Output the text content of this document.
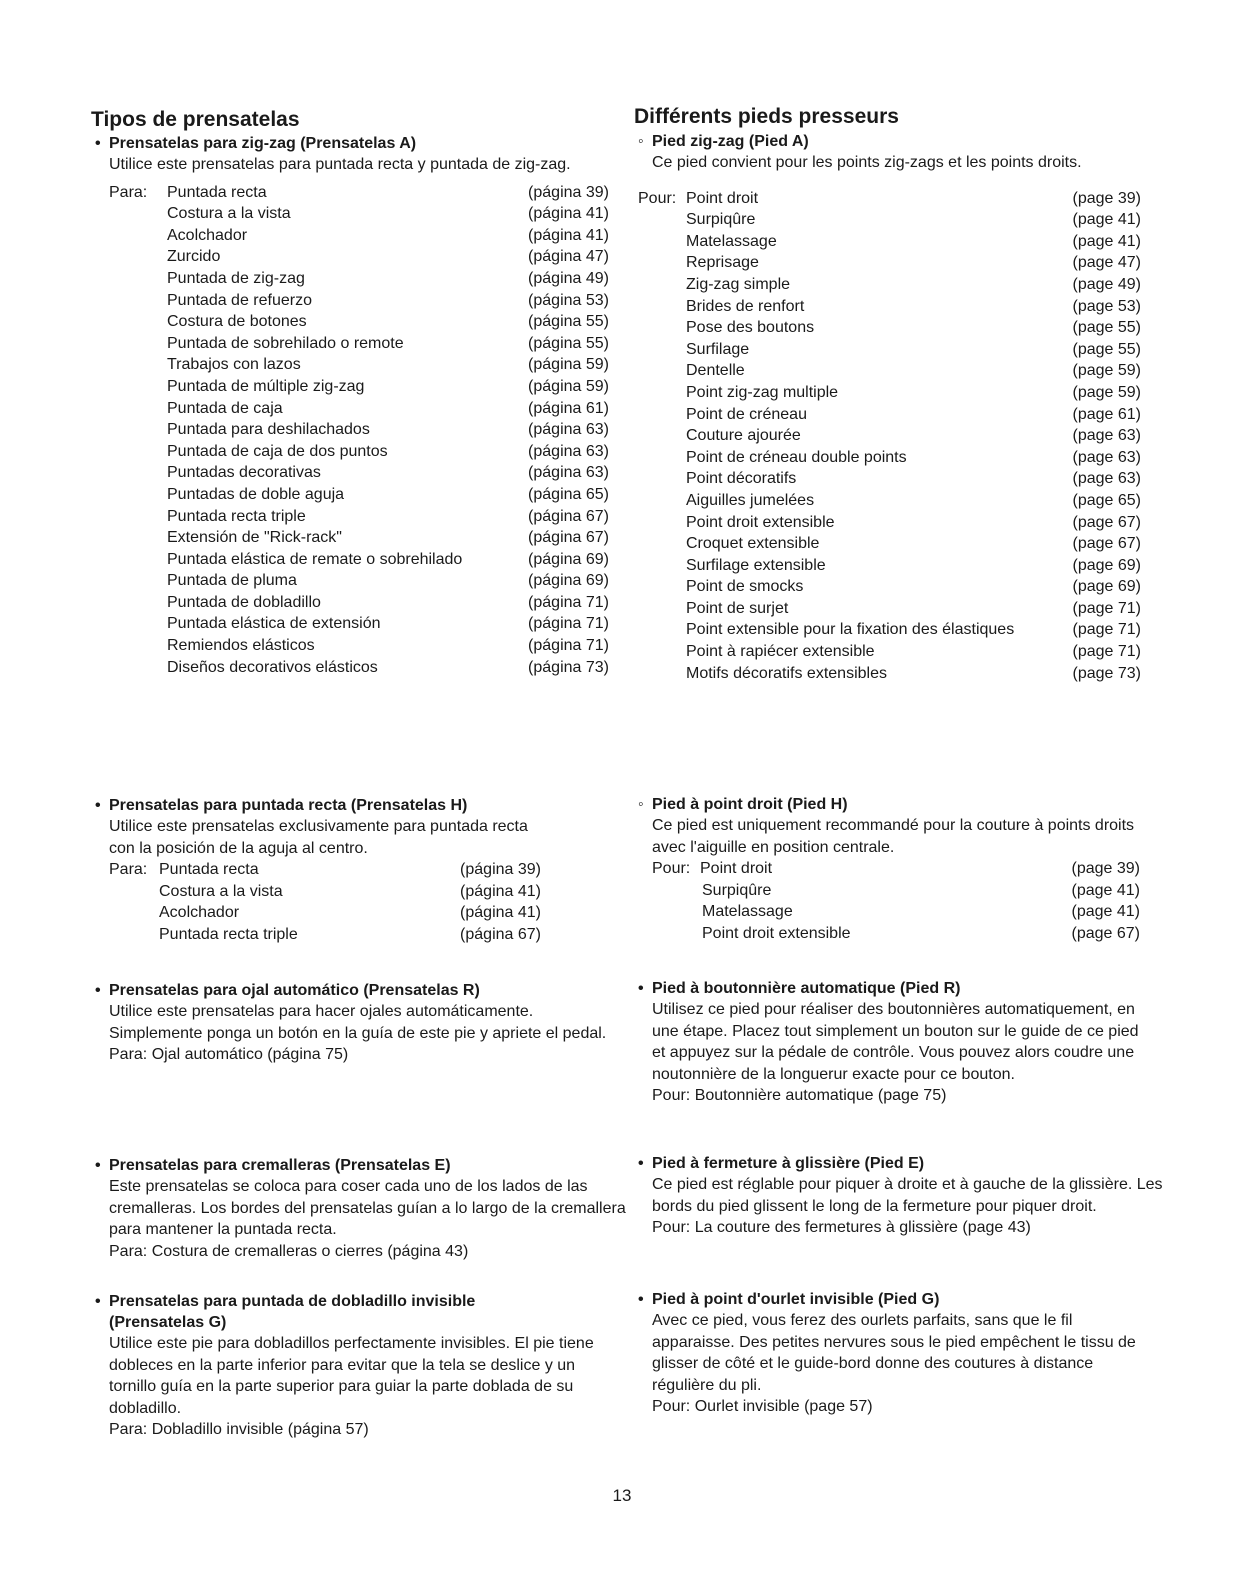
Tipos de prensatelas
• Prensatelas para zig-zag (Prensatelas A)
Utilice este prensatelas para puntada recta y puntada de zig-zag.
Para:	Puntada recta	(página 39)
Costura a la vista	(página 41)
Acolchador	(página 41)
Zurcido	(página 47)
Puntada de zig-zag	(página 49)
Puntada de refuerzo	(página 53)
Costura de botones	(página 55)
Puntada de sobrehilado o remote	(página 55)
Trabajos con lazos	(página 59)
Puntada de múltiple zig-zag	(página 59)
Puntada de caja	(página 61)
Puntada para deshilachados	(página 63)
Puntada de caja de dos puntos	(página 63)
Puntadas decorativas	(página 63)
Puntadas de doble aguja	(página 65)
Puntada recta triple	(página 67)
Extensión de "Rick-rack"	(página 67)
Puntada elástica de remate o sobrehilado	(página 69)
Puntada de pluma	(página 69)
Puntada de dobladillo	(página 71)
Puntada elástica de extensión	(página 71)
Remiendos elásticos	(página 71)
Diseños decorativos elásticos	(página 73)
• Prensatelas para puntada recta (Prensatelas H)
Utilice este prensatelas exclusivamente para puntada recta con la posición de la aguja al centro.
Para: Puntada recta	(página 39)
Costura a la vista	(página 41)
Acolchador	(página 41)
Puntada recta triple	(página 67)
• Prensatelas para ojal automático (Prensatelas R)
Utilice este prensatelas para hacer ojales automáticamente. Simplemente ponga un botón en la guía de este pie y apriete el pedal.
Para: Ojal automático (página 75)
• Prensatelas para cremalleras (Prensatelas E)
Este prensatelas se coloca para coser cada uno de los lados de las cremalleras. Los bordes del prensatelas guían a lo largo de la cremallera para mantener la puntada recta.
Para: Costura de cremalleras o cierres (página 43)
• Prensatelas para puntada de dobladillo invisible (Prensatelas G)
Utilice este pie para dobladillos perfectamente invisibles. El pie tiene dobleces en la parte inferior para evitar que la tela se deslice y un tornillo guía en la parte superior para guiar la parte doblada de su dobladillo.
Para: Dobladillo invisible (página 57)
Différents pieds presseurs
◦ Pied zig-zag (Pied A)
Ce pied convient pour les points zig-zags et les points droits.
Pour: Point droit	(page 39)
Surpiqûre	(page 41)
Matelassage	(page 41)
Reprisage	(page 47)
Zig-zag simple	(page 49)
Brides de renfort	(page 53)
Pose des boutons	(page 55)
Surfilage	(page 55)
Dentelle	(page 59)
Point zig-zag multiple	(page 59)
Point de créneau	(page 61)
Couture ajourée	(page 63)
Point de créneau double points	(page 63)
Point décoratifs	(page 63)
Aiguilles jumelées	(page 65)
Point droit extensible	(page 67)
Croquet extensible	(page 67)
Surfilage extensible	(page 69)
Point de smocks	(page 69)
Point de surjet	(page 71)
Point extensible pour la fixation des élastiques	(page 71)
Point à rapiécer extensible	(page 71)
Motifs décoratifs extensibles	(page 73)
◦ Pied à point droit (Pied H)
Ce pied est uniquement recommandé pour la couture à points droits avec l'aiguille en position centrale.
Pour: Point droit	(page 39)
Surpiqûre	(page 41)
Matelassage	(page 41)
Point droit extensible	(page 67)
• Pied à boutonnière automatique (Pied R)
Utilisez ce pied pour réaliser des boutonnières automatiquement, en une étape. Placez tout simplement un bouton sur le guide de ce pied et appuyez sur la pédale de contrôle. Vous pouvez alors coudre une noutonnière de la longuerur exacte pour ce bouton.
Pour: Boutonnière automatique (page 75)
• Pied à fermeture à glissière (Pied E)
Ce pied est réglable pour piquer à droite et à gauche de la glissière. Les bords du pied glissent le long de la fermeture pour piquer droit.
Pour: La couture des fermetures à glissière (page 43)
• Pied à point d'ourlet invisible (Pied G)
Avec ce pied, vous ferez des ourlets parfaits, sans que le fil apparaisse. Des petites nervures sous le pied empêchent le tissu de glisser de côté et le guide-bord donne des coutures à distance régulière du pli.
Pour: Ourlet invisible (page 57)
13
